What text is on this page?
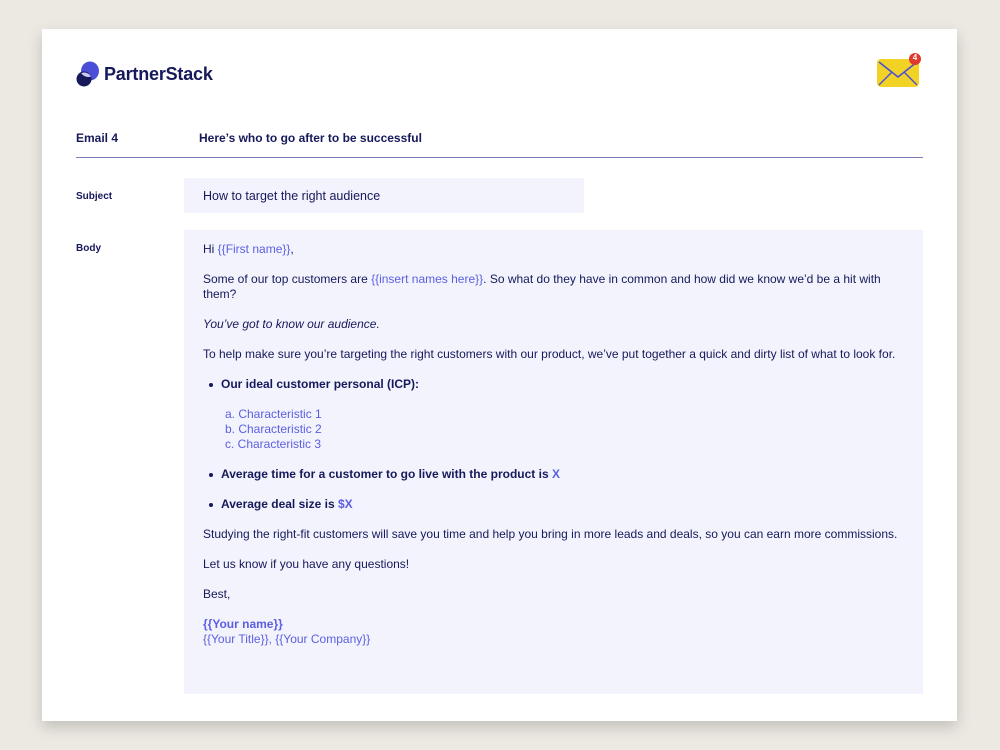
PartnerStack
4
Email 4	Here’s who to go after to be successful
Subject	How to target the right audience
Body	Hi {{First name}},
Some of our top customers are {{insert names here}}. So what do they have in common and how did we know we’d be a hit with them?
You’ve got to know our audience.
To help make sure you’re targeting the right customers with our product, we’ve put together a quick and dirty list of what to look for.
Our ideal customer personal (ICP):
a. Characteristic 1
b. Characteristic 2
c. Characteristic 3
Average time for a customer to go live with the product is X
Average deal size is $X
Studying the right-fit customers will save you time and help you bring in more leads and deals, so you can earn more commissions.
Let us know if you have any questions!
Best,
{{Your name}}
{{Your Title}}, {{Your Company}}
